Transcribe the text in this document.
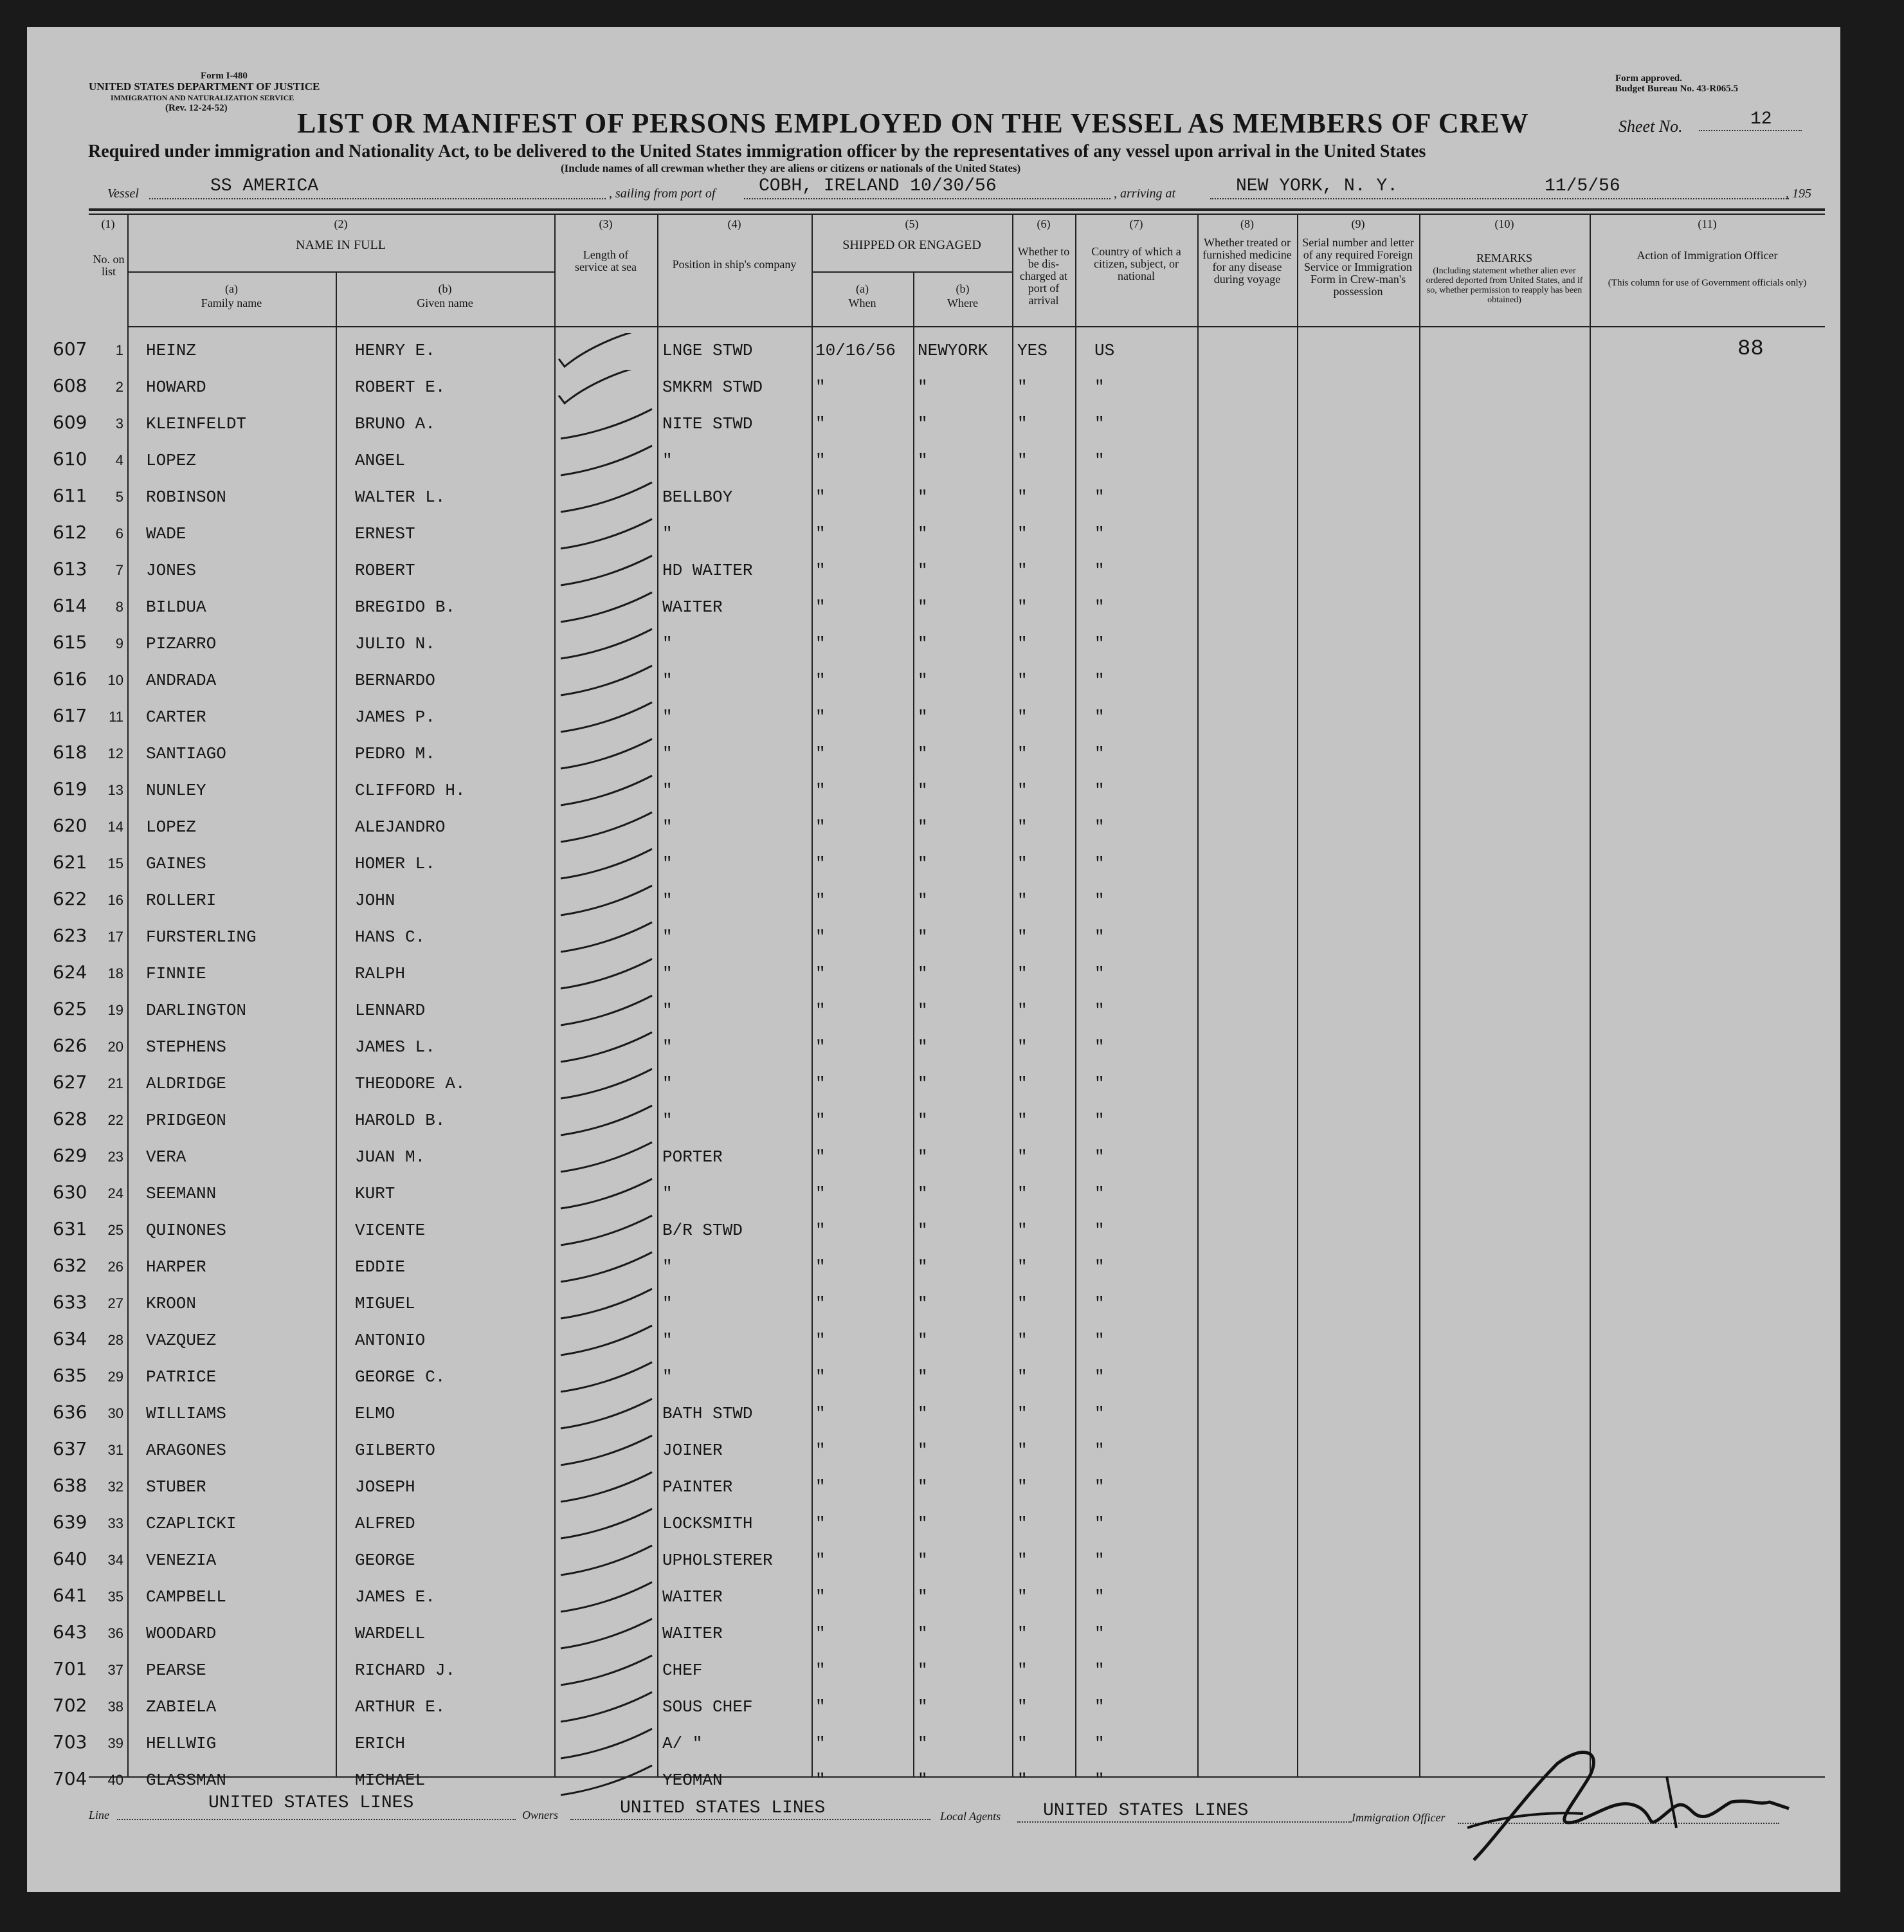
Form I-480
UNITED STATES DEPARTMENT OF JUSTICE
IMMIGRATION AND NATURALIZATION SERVICE
(Rev. 12-24-52)
Form approved.
Budget Bureau No. 43-R065.5
LIST OR MANIFEST OF PERSONS EMPLOYED ON THE VESSEL AS MEMBERS OF CREW	Sheet No.	12
Required under immigration and Nationality Act, to be delivered to the United States immigration officer by the representatives of any vessel upon arrival in the United States
(Include names of all crewman whether they are aliens or citizens or nationals of the United States)
Vessel	SS AMERICA	, sailing from port of COBH, IRELAND 10/30/56	, arriving at	NEW YORK, N. Y.	11/5/56	, 195
(1)	(2)	(3)	(4)	(5)	(6)	(7)	(8)	(9)	(10)	(11)
No. on list
NAME IN FULL
(a)
Family name
(b)
Given name
Length of service at sea	Position in ship's company
SHIPPED OR ENGAGED
(a)
When
(b)
Where
Whether to be dis-charged at port of arrival
Country of which a citizen, subject, or national
Whether treated or furnished medicine for any disease during voyage
Serial number and letter of any required Foreign Service or Immigration Form in Crew-man's possession
REMARKS
(Including statement whether alien ever ordered deported from United States, and if so, whether permission to reapply has been obtained)
Action of Immigration Officer
(This column for use of Government officials only)
607	1 HEINZ	HENRY E.	LNGE STWD	10/16/56 NEWYORK YES	US
608	2 HOWARD	ROBERT E.	SMKRM STWD	"	"	"	"
609	3 KLEINFELDT	BRUNO A.	NITE STWD	"	"	"	"
610	4 LOPEZ	ANGEL	"	"	"	"	"
611	5 ROBINSON	WALTER L.	BELLBOY	"	"	"	"
612	6 WADE	ERNEST	"	"	"	"	"
613	7 JONES	ROBERT	HD WAITER	"	"	"	"
614	8 BILDUA	BREGIDO B.	WAITER	"	"	"	"
615	9 PIZARRO	JULIO N.	"	"	"	"	"
616 10 ANDRADA	BERNARDO	"	"	"	"	"
617	11 CARTER	JAMES P.	"	"	"	"	"
618 12 SANTIAGO	PEDRO M.	"	"	"	"	"
619 13 NUNLEY	CLIFFORD H.	"	"	"	"	"
620 14 LOPEZ	ALEJANDRO	"	"	"	"	"
621 15 GAINES	HOMER L.	"	"	"	"	"
622 16 ROLLERI	JOHN	"	"	"	"	"
623 17 FURSTERLING	HANS C.	"	"	"	"	"
624 18 FINNIE	RALPH	"	"	"	"	"
625 19 DARLINGTON	LENNARD	"	"	"	"	"
626 20 STEPHENS	JAMES L.	"	"	"	"	"
627 21 ALDRIDGE	THEODORE A.	"	"	"	"	"
628 22 PRIDGEON	HAROLD B.	"	"	"	"	"
629 23 VERA	JUAN M.	PORTER	"	"	"	"
630 24 SEEMANN	KURT	"	"	"	"	"
631 25 QUINONES	VICENTE	B/R STWD	"	"	"	"
632 26 HARPER	EDDIE	"	"	"	"	"
633 27 KROON	MIGUEL	"	"	"	"	"
634 28 VAZQUEZ	ANTONIO	"	"	"	"	"
635 29 PATRICE	GEORGE C.	"	"	"	"	"
636 30 WILLIAMS	ELMO	BATH STWD	"	"	"	"
637 31 ARAGONES	GILBERTO	JOINER	"	"	"	"
638 32 STUBER	JOSEPH	PAINTER	"	"	"	"
639 33 CZAPLICKI	ALFRED	LOCKSMITH	"	"	"	"
640 34 VENEZIA	GEORGE	UPHOLSTERER	"	"	"	"
641 35 CAMPBELL	JAMES E.	WAITER	"	"	"	"
643 36 WOODARD	WARDELL	WAITER	"	"	"	"
701 37 PEARSE	RICHARD J.	CHEF	"	"	"	"
702 38 ZABIELA	ARTHUR E.	SOUS CHEF	"	"	"	"
703 39 HELLWIG	ERICH	A/ "	"	"	"	"
704 40 GLASSMAN	MICHAEL	YEOMAN	"	"	"	"
88
Line
UNITED STATES LINES
Owners	UNITED STATES LINES	Local Agents UNITED STATES LINES	Immigration Officer
